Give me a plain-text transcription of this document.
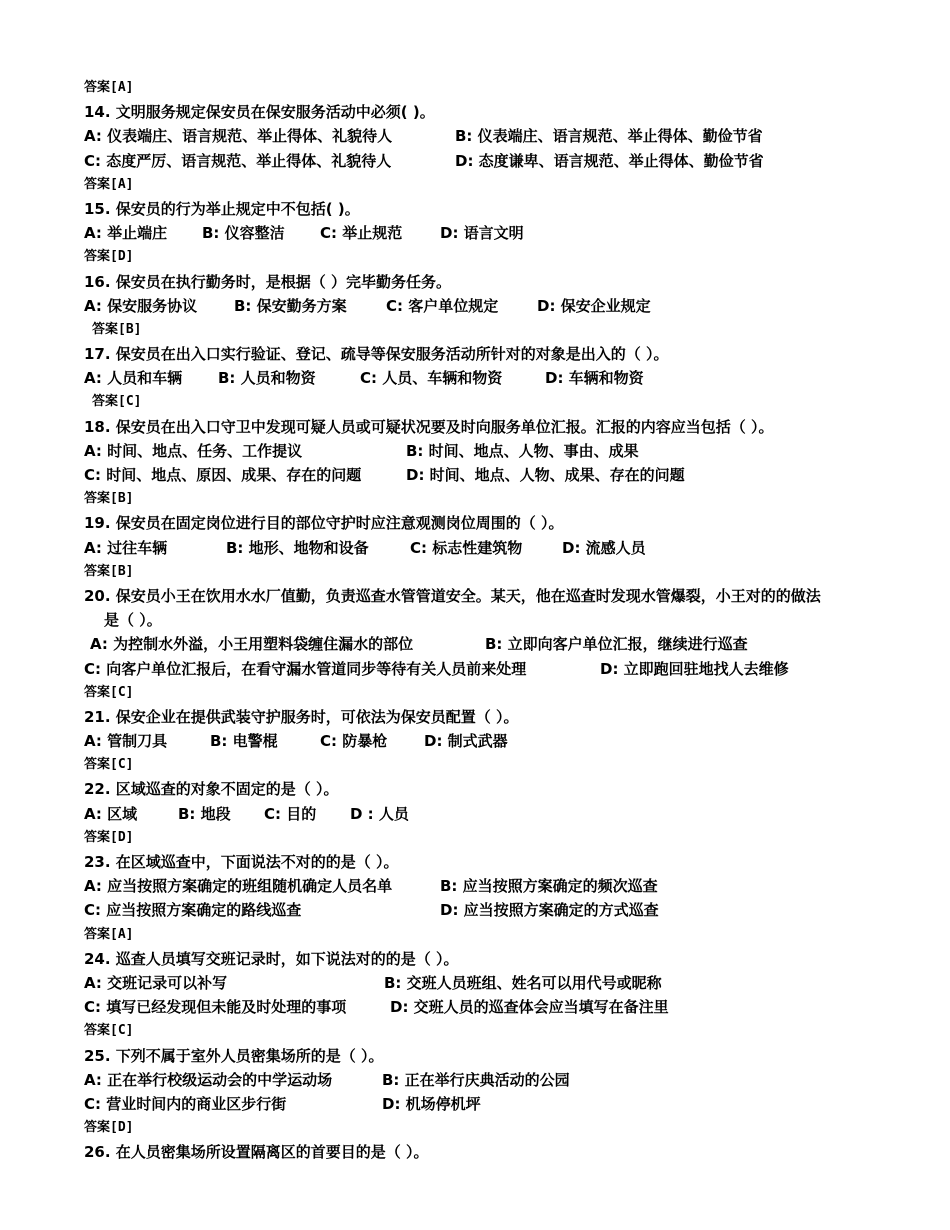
答案[A]
14. 文明服务规定保安员在保安服务活动中必须( )。
A: 仪表端庄、语言规范、举止得体、礼貌待人	B: 仪表端庄、语言规范、举止得体、勤俭节省
C: 态度严厉、语言规范、举止得体、礼貌待人	D: 态度谦卑、语言规范、举止得体、勤俭节省
答案[A]
15. 保安员的行为举止规定中不包括( )。
A: 举止端庄 B: 仪容整洁 C: 举止规范	D: 语言文明
答案[D]
16. 保安员在执行勤务时，是根据（ ）完毕勤务任务。
A: 保安服务协议 B: 保安勤务方案	C: 客户单位规定	D: 保安企业规定
答案[B]
17. 保安员在出入口实行验证、登记、疏导等保安服务活动所针对的对象是出入的（ ）。
A: 人员和车辆 B: 人员和物资	C: 人员、车辆和物资	D: 车辆和物资
答案[C]
18. 保安员在出入口守卫中发现可疑人员或可疑状况要及时向服务单位汇报。汇报的内容应当包括（ ）。
A: 时间、地点、任务、工作提议	B: 时间、地点、人物、事由、成果
C: 时间、地点、原因、成果、存在的问题	D: 时间、地点、人物、成果、存在的问题
答案[B]
19. 保安员在固定岗位进行目的部位守护时应注意观测岗位周围的（ ）。
A: 过往车辆	B: 地形、地物和设备	C: 标志性建筑物	D: 流感人员
答案[B]
20. 保安员小王在饮用水水厂值勤，负责巡查水管管道安全。某天，他在巡查时发现水管爆裂，小王对的的做法
是（ ）。
A: 为控制水外溢，小王用塑料袋缠住漏水的部位	B: 立即向客户单位汇报，继续进行巡查
C: 向客户单位汇报后，在看守漏水管道同步等待有关人员前来处理	D: 立即跑回驻地找人去维修
答案[C]
21. 保安企业在提供武装守护服务时，可依法为保安员配置（ ）。
A: 管制刀具	B: 电警棍	C: 防暴枪 D: 制式武器
答案[C]
22. 区域巡查的对象不固定的是（ ）。
A: 区域	B: 地段 C: 目的 D : 人员
答案[D]
23. 在区域巡查中，下面说法不对的的是（ ）。
A: 应当按照方案确定的班组随机确定人员名单	B: 应当按照方案确定的频次巡查
C: 应当按照方案确定的路线巡查	D: 应当按照方案确定的方式巡查
答案[A]
24. 巡查人员填写交班记录时，如下说法对的的是（ ）。
A: 交班记录可以补写	B: 交班人员班组、姓名可以用代号或昵称
C: 填写已经发现但未能及时处理的事项	D: 交班人员的巡查体会应当填写在备注里
答案[C]
25. 下列不属于室外人员密集场所的是（ ）。
A: 正在举行校级运动会的中学运动场	B: 正在举行庆典活动的公园
C: 营业时间内的商业区步行街	D: 机场停机坪
答案[D]
26. 在人员密集场所设置隔离区的首要目的是（ ）。
